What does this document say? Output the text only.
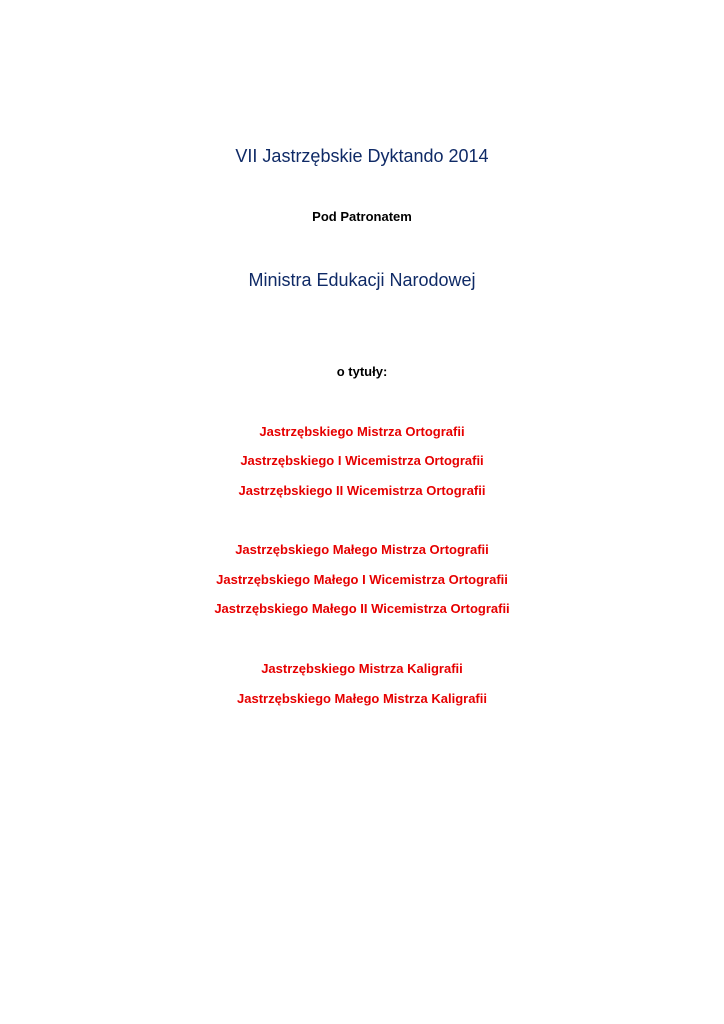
VII Jastrzębskie Dyktando 2014
Pod Patronatem
Ministra Edukacji Narodowej
o tytuły:
Jastrzębskiego Mistrza Ortografii
Jastrzębskiego I Wicemistrza Ortografii
Jastrzębskiego II Wicemistrza Ortografii
Jastrzębskiego Małego Mistrza Ortografii
Jastrzębskiego Małego I Wicemistrza Ortografii
Jastrzębskiego Małego II Wicemistrza Ortografii
Jastrzębskiego Mistrza Kaligrafii
Jastrzębskiego Małego Mistrza Kaligrafii
